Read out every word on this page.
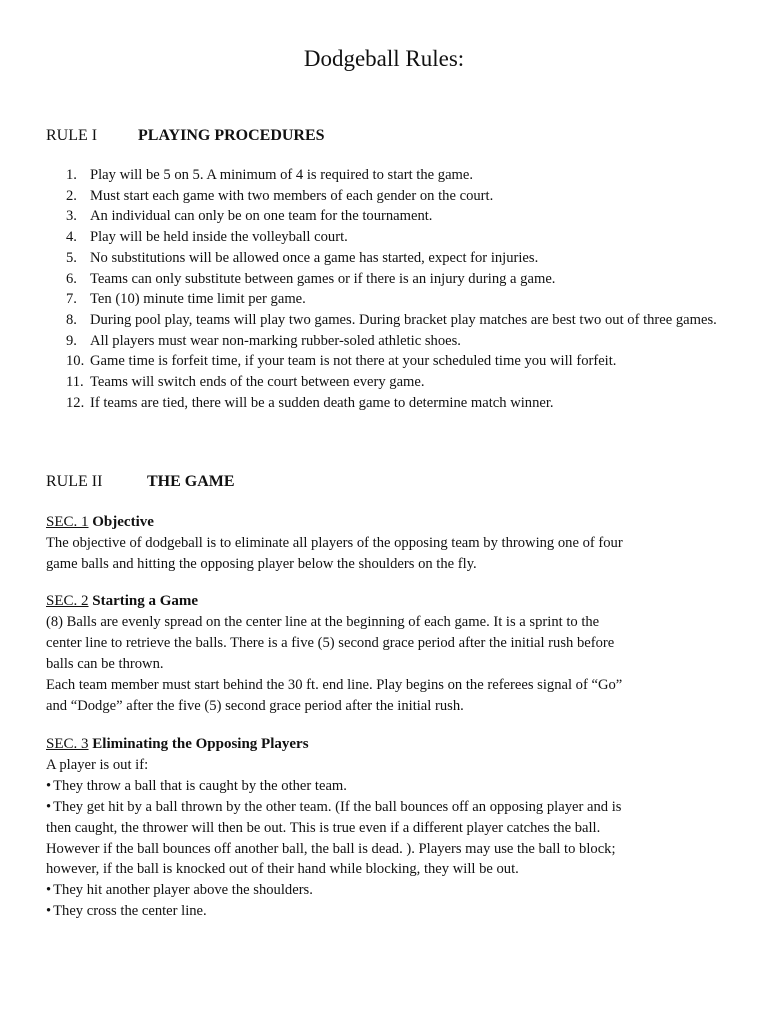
Dodgeball Rules:
RULE I	PLAYING PROCEDURES
1. Play will be 5 on 5. A minimum of 4 is required to start the game.
2. Must start each game with two members of each gender on the court.
3. An individual can only be on one team for the tournament.
4. Play will be held inside the volleyball court.
5. No substitutions will be allowed once a game has started, expect for injuries.
6. Teams can only substitute between games or if there is an injury during a game.
7. Ten (10) minute time limit per game.
8. During pool play, teams will play two games. During bracket play matches are best two out of three games.
9. All players must wear non-marking rubber-soled athletic shoes.
10. Game time is forfeit time, if your team is not there at your scheduled time you will forfeit.
11. Teams will switch ends of the court between every game.
12. If teams are tied, there will be a sudden death game to determine match winner.
RULE II	THE GAME
SEC. 1 Objective

The objective of dodgeball is to eliminate all players of the opposing team by throwing one of four

game balls and hitting the opposing player below the shoulders on the fly.

SEC. 2 Starting a Game

(8) Balls are evenly spread on the center line at the beginning of each game. It is a sprint to the

center line to retrieve the balls. There is a five (5) second grace period after the initial rush before

balls can be thrown.

Each team member must start behind the 30 ft. end line. Play begins on the referees signal of “Go”

and “Dodge” after the five (5) second grace period after the initial rush.

SEC. 3 Eliminating the Opposing Players

A player is out if:

• They throw a ball that is caught by the other team.

• They get hit by a ball thrown by the other team. (If the ball bounces off an opposing player and is

then caught, the thrower will then be out. This is true even if a different player catches the ball.

However if the ball bounces off another ball, the ball is dead. ). Players may use the ball to block;

however, if the ball is knocked out of their hand while blocking, they will be out.

• They hit another player above the shoulders.

• They cross the center line.
